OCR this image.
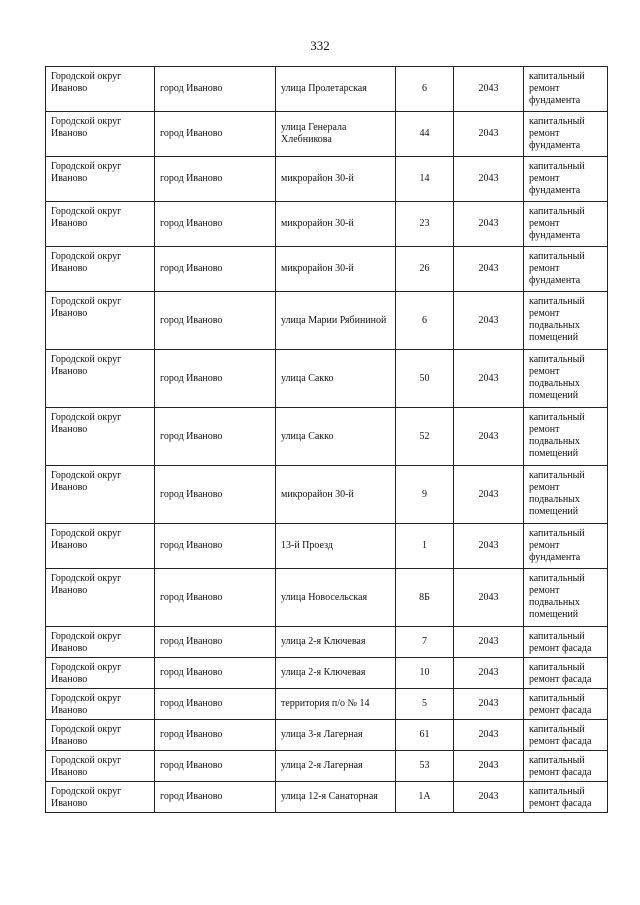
332
Городской округ Иваново	город Иваново	улица Пролетарская	6	2043	капитальный ремонт фундамента
Городской округ Иваново	город Иваново	улица Генерала Хлебникова	44	2043	капитальный ремонт фундамента
Городской округ Иваново	город Иваново	микрорайон 30-й	14	2043	капитальный ремонт фундамента
Городской округ Иваново	город Иваново	микрорайон 30-й	23	2043	капитальный ремонт фундамента
Городской округ Иваново	город Иваново	микрорайон 30-й	26	2043	капитальный ремонт фундамента
Городской округ Иваново	город Иваново	улица Марии Рябининой	6	2043	капитальный ремонт подвальных помещений
Городской округ Иваново	город Иваново	улица Сакко	50	2043	капитальный ремонт подвальных помещений
Городской округ Иваново	город Иваново	улица Сакко	52	2043	капитальный ремонт подвальных помещений
Городской округ Иваново	город Иваново	микрорайон 30-й	9	2043	капитальный ремонт подвальных помещений
Городской округ Иваново	город Иваново	13-й Проезд	1	2043	капитальный ремонт фундамента
Городской округ Иваново	город Иваново	улица Новосельская	8Б	2043	капитальный ремонт подвальных помещений
Городской округ Иваново	город Иваново	улица 2-я Ключевая	7	2043	капитальный ремонт фасада
Городской округ Иваново	город Иваново	улица 2-я Ключевая	10	2043	капитальный ремонт фасада
Городской округ Иваново	город Иваново	территория п/о № 14	5	2043	капитальный ремонт фасада
Городской округ Иваново	город Иваново	улица 3-я Лагерная	61	2043	капитальный ремонт фасада
Городской округ Иваново	город Иваново	улица 2-я Лагерная	53	2043	капитальный ремонт фасада
Городской округ Иваново	город Иваново	улица 12-я Санаторная	1А	2043	капитальный ремонт фасада
